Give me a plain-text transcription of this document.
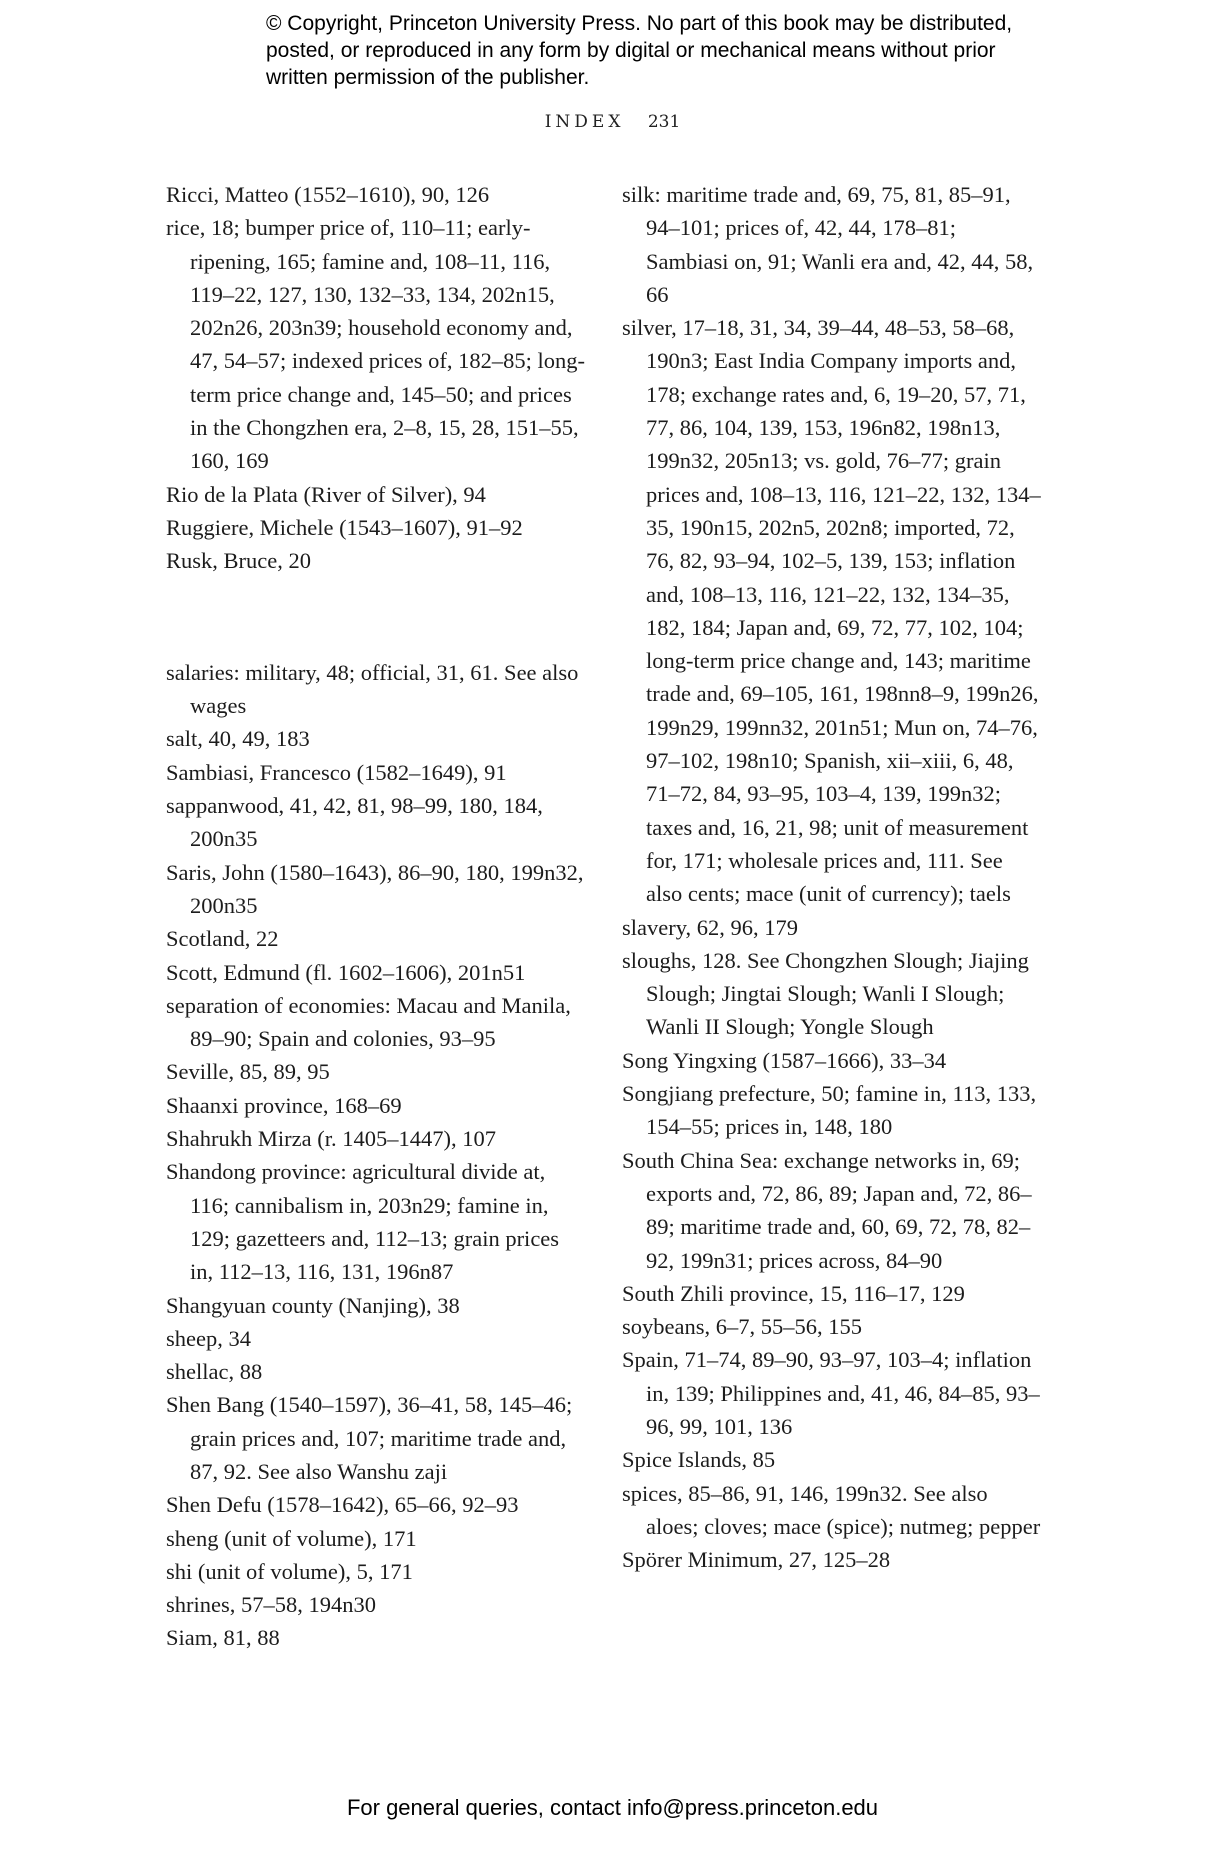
© Copyright, Princeton University Press. No part of this book may be distributed, posted, or reproduced in any form by digital or mechanical means without prior written permission of the publisher.
INDEX 231

Ricci, Matteo (1552–1610), 90, 126

rice, 18; bumper price of, 110–11; early-ripening, 165; famine and, 108–11, 116, 119–22, 127, 130, 132–33, 134, 202n15, 202n26, 203n39; household economy and, 47, 54–57; indexed prices of, 182–85; long-term price change and, 145–50; and prices in the Chongzhen era, 2–8, 15, 28, 151–55, 160, 169

Rio de la Plata (River of Silver), 94

Ruggiere, Michele (1543–1607), 91–92

Rusk, Bruce, 20

salaries: military, 48; official, 31, 61. See also wages

salt, 40, 49, 183

Sambiasi, Francesco (1582–1649), 91

sappanwood, 41, 42, 81, 98–99, 180, 184, 200n35

Saris, John (1580–1643), 86–90, 180, 199n32, 200n35

Scotland, 22

Scott, Edmund (fl. 1602–1606), 201n51

separation of economies: Macau and Manila, 89–90; Spain and colonies, 93–95

Seville, 85, 89, 95

Shaanxi province, 168–69

Shahrukh Mirza (r. 1405–1447), 107

Shandong province: agricultural divide at, 116; cannibalism in, 203n29; famine in, 129; gazetteers and, 112–13; grain prices in, 112–13, 116, 131, 196n87

Shangyuan county (Nanjing), 38

sheep, 34

shellac, 88

Shen Bang (1540–1597), 36–41, 58, 145–46; grain prices and, 107; maritime trade and, 87, 92. See also Wanshu zaji

Shen Defu (1578–1642), 65–66, 92–93

sheng (unit of volume), 171

shi (unit of volume), 5, 171

shrines, 57–58, 194n30

Siam, 81, 88

silk: maritime trade and, 69, 75, 81, 85–91, 94–101; prices of, 42, 44, 178–81; Sambiasi on, 91; Wanli era and, 42, 44, 58, 66

silver, 17–18, 31, 34, 39–44, 48–53, 58–68, 190n3; East India Company imports and, 178; exchange rates and, 6, 19–20, 57, 71, 77, 86, 104, 139, 153, 196n82, 198n13, 199n32, 205n13; vs. gold, 76–77; grain prices and, 108–13, 116, 121–22, 132, 134–35, 190n15, 202n5, 202n8; imported, 72, 76, 82, 93–94, 102–5, 139, 153; inflation and, 108–13, 116, 121–22, 132, 134–35, 182, 184; Japan and, 69, 72, 77, 102, 104; long-term price change and, 143; maritime trade and, 69–105, 161, 198nn8–9, 199n26, 199n29, 199nn32, 201n51; Mun on, 74–76, 97–102, 198n10; Spanish, xii–xiii, 6, 48, 71–72, 84, 93–95, 103–4, 139, 199n32; taxes and, 16, 21, 98; unit of measurement for, 171; wholesale prices and, 111. See also cents; mace (unit of currency); taels

slavery, 62, 96, 179

sloughs, 128. See Chongzhen Slough; Jiajing Slough; Jingtai Slough; Wanli I Slough; Wanli II Slough; Yongle Slough

Song Yingxing (1587–1666), 33–34

Songjiang prefecture, 50; famine in, 113, 133, 154–55; prices in, 148, 180

South China Sea: exchange networks in, 69; exports and, 72, 86, 89; Japan and, 72, 86–89; maritime trade and, 60, 69, 72, 78, 82–92, 199n31; prices across, 84–90

South Zhili province, 15, 116–17, 129

soybeans, 6–7, 55–56, 155

Spain, 71–74, 89–90, 93–97, 103–4; inflation in, 139; Philippines and, 41, 46, 84–85, 93–96, 99, 101, 136

Spice Islands, 85

spices, 85–86, 91, 146, 199n32. See also aloes; cloves; mace (spice); nutmeg; pepper

Spörer Minimum, 27, 125–28

For general queries, contact info@press.princeton.edu
